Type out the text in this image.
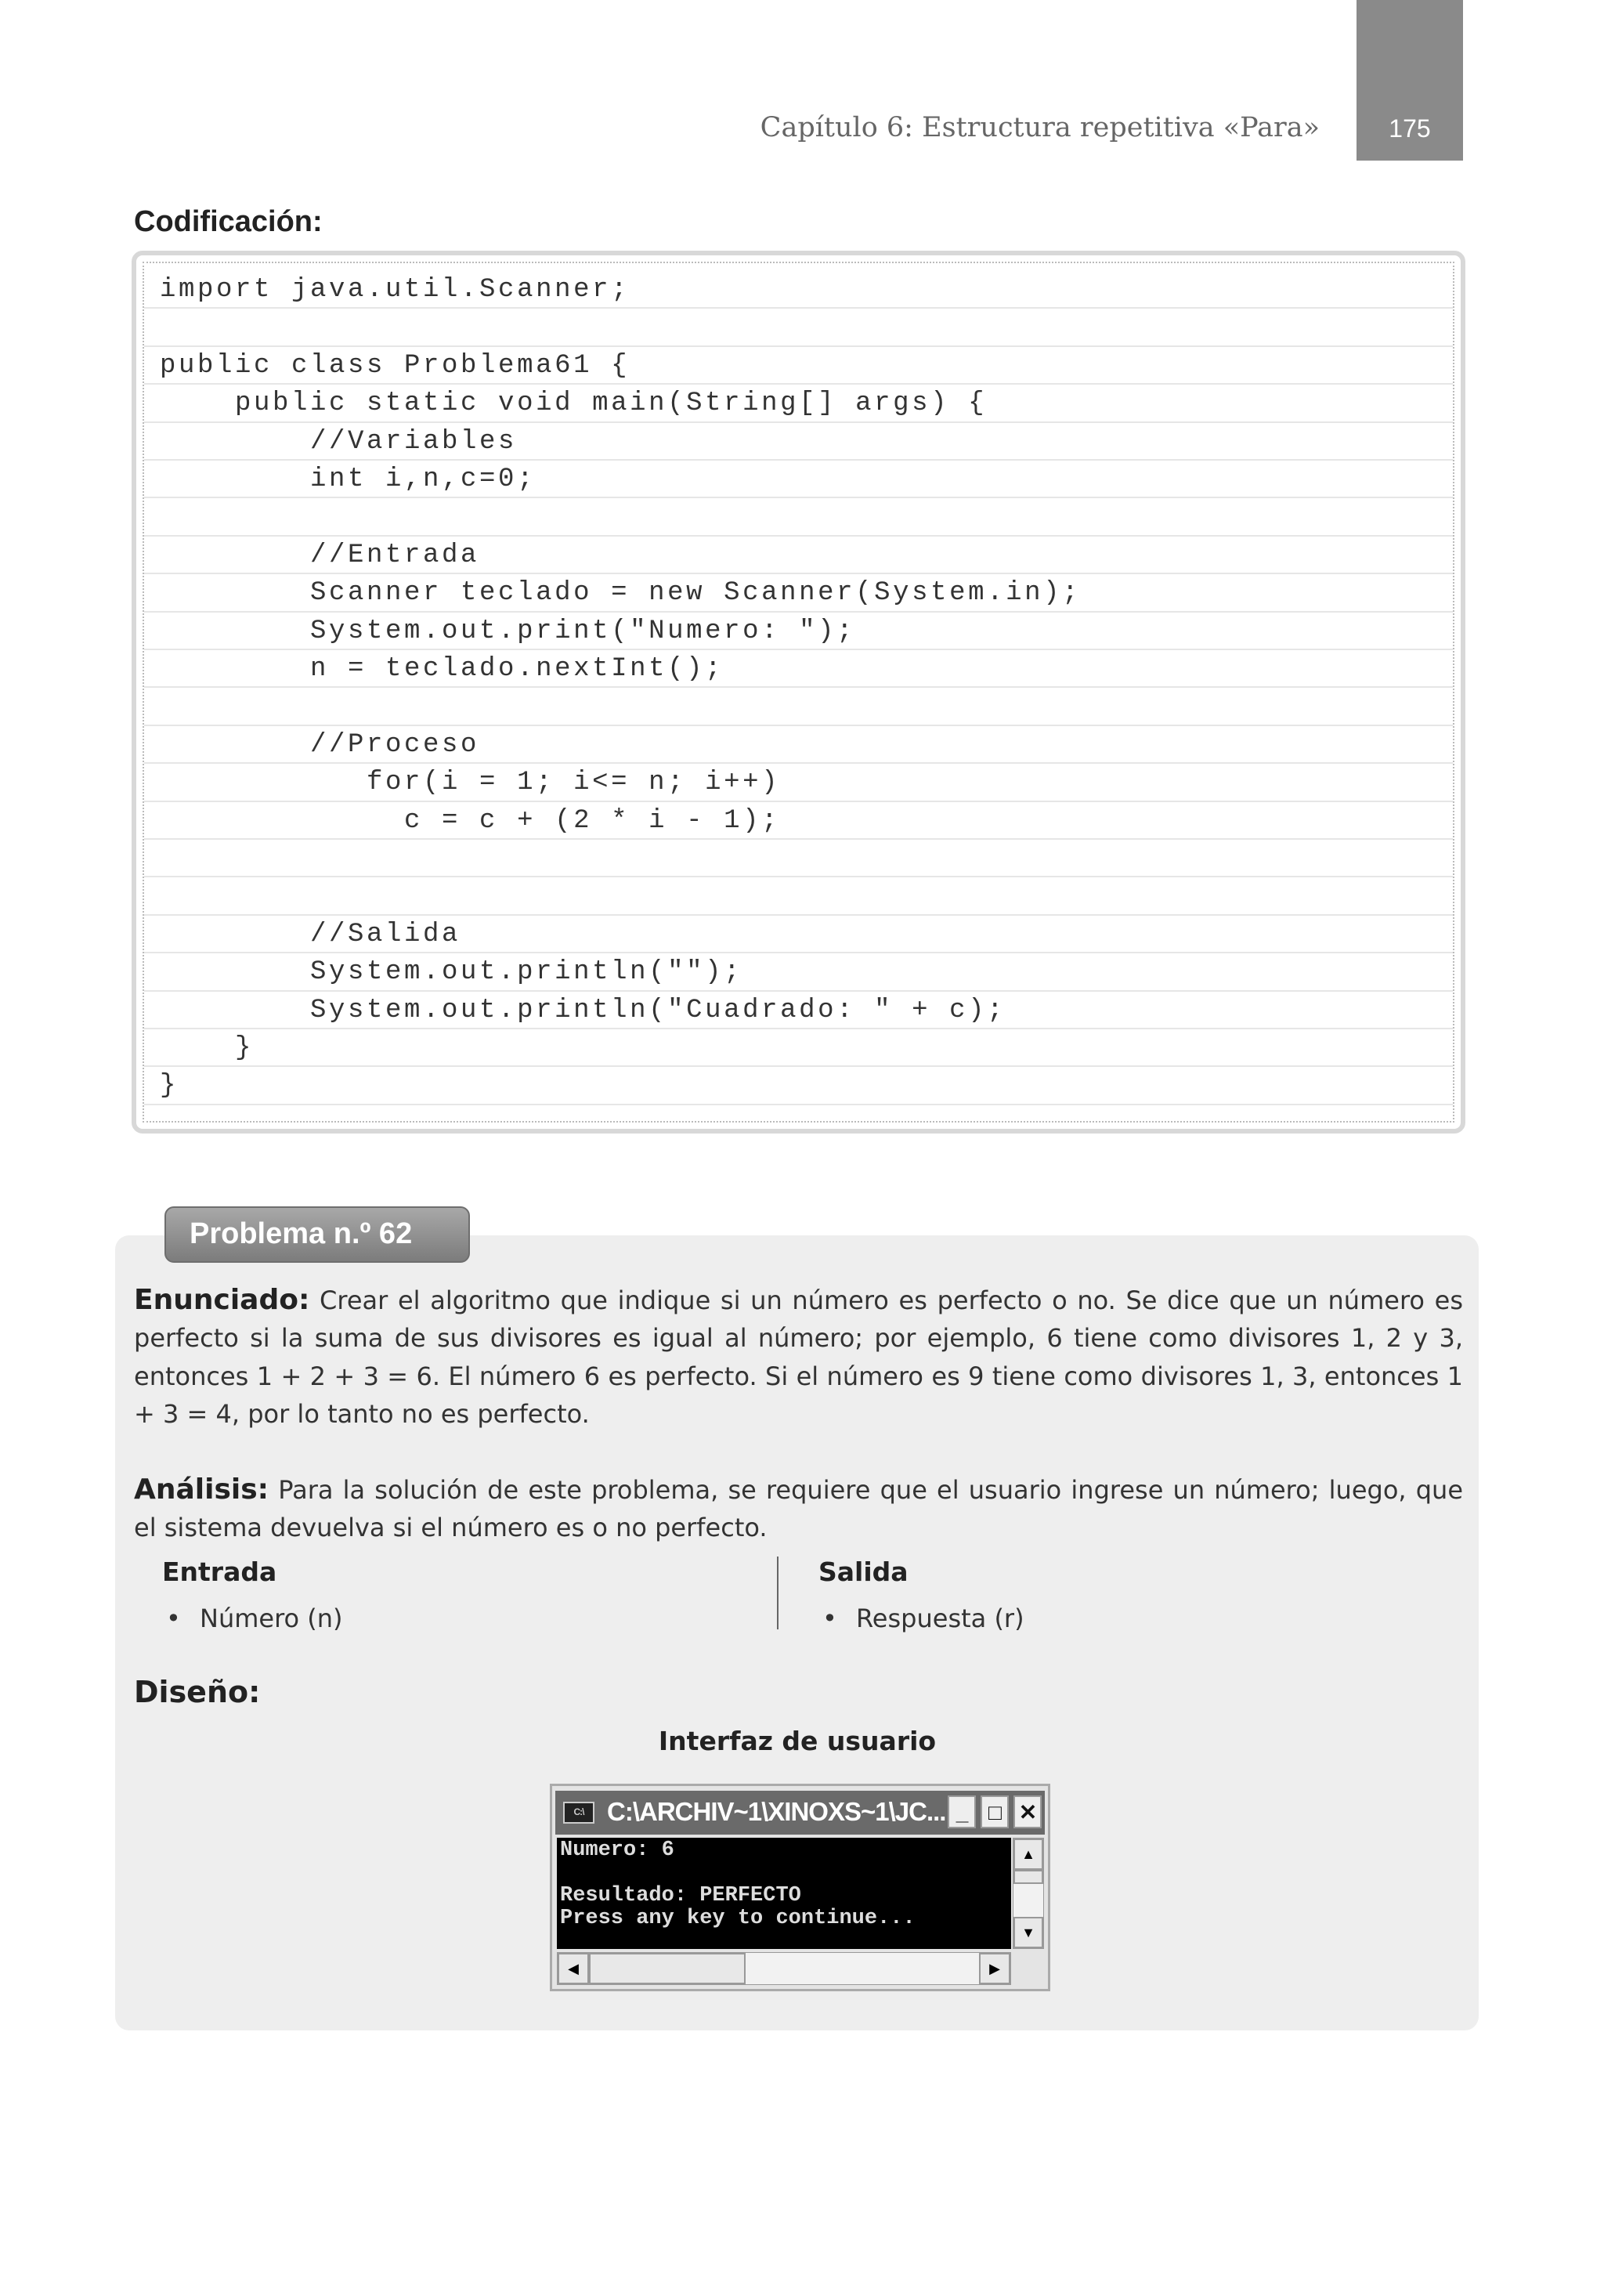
175
Capítulo 6: Estructura repetitiva «Para»
Codificación:
import java.util.Scanner;
public class Problema61 {
public static void main(String[] args) {
//Variables
int i,n,c=0;
//Entrada
Scanner teclado = new Scanner(System.in);
System.out.print("Numero: ");
n = teclado.nextInt();
//Proceso
for(i = 1; i<= n; i++)
c = c + (2 * i - 1);
//Salida
System.out.println("");
System.out.println("Cuadrado: " + c);
}
}
Problema n.º 62
Enunciado: Crear el algoritmo que indique si un número es perfecto o no. Se dice que un número es perfecto si la suma de sus divisores es igual al número; por ejemplo, 6 tiene como divisores 1, 2 y 3, entonces 1 + 2 + 3 = 6. El número 6 es perfecto. Si el número es 9 tiene como divisores 1, 3, entonces 1 + 3 = 4, por lo tanto no es perfecto.
Análisis: Para la solución de este problema, se requiere que el usuario ingrese un número; luego, que el sistema devuelva si el número es o no perfecto.
Entrada
• Número (n)
Salida
• Respuesta (r)
Diseño:
Interfaz de usuario
C:\ C:\ARCHIV~1\XINOXS~1\JC... _ □ ✕
Numero: 6

Resultado: PERFECTO
Press any key to continue...
▲
▼
◀	▶
